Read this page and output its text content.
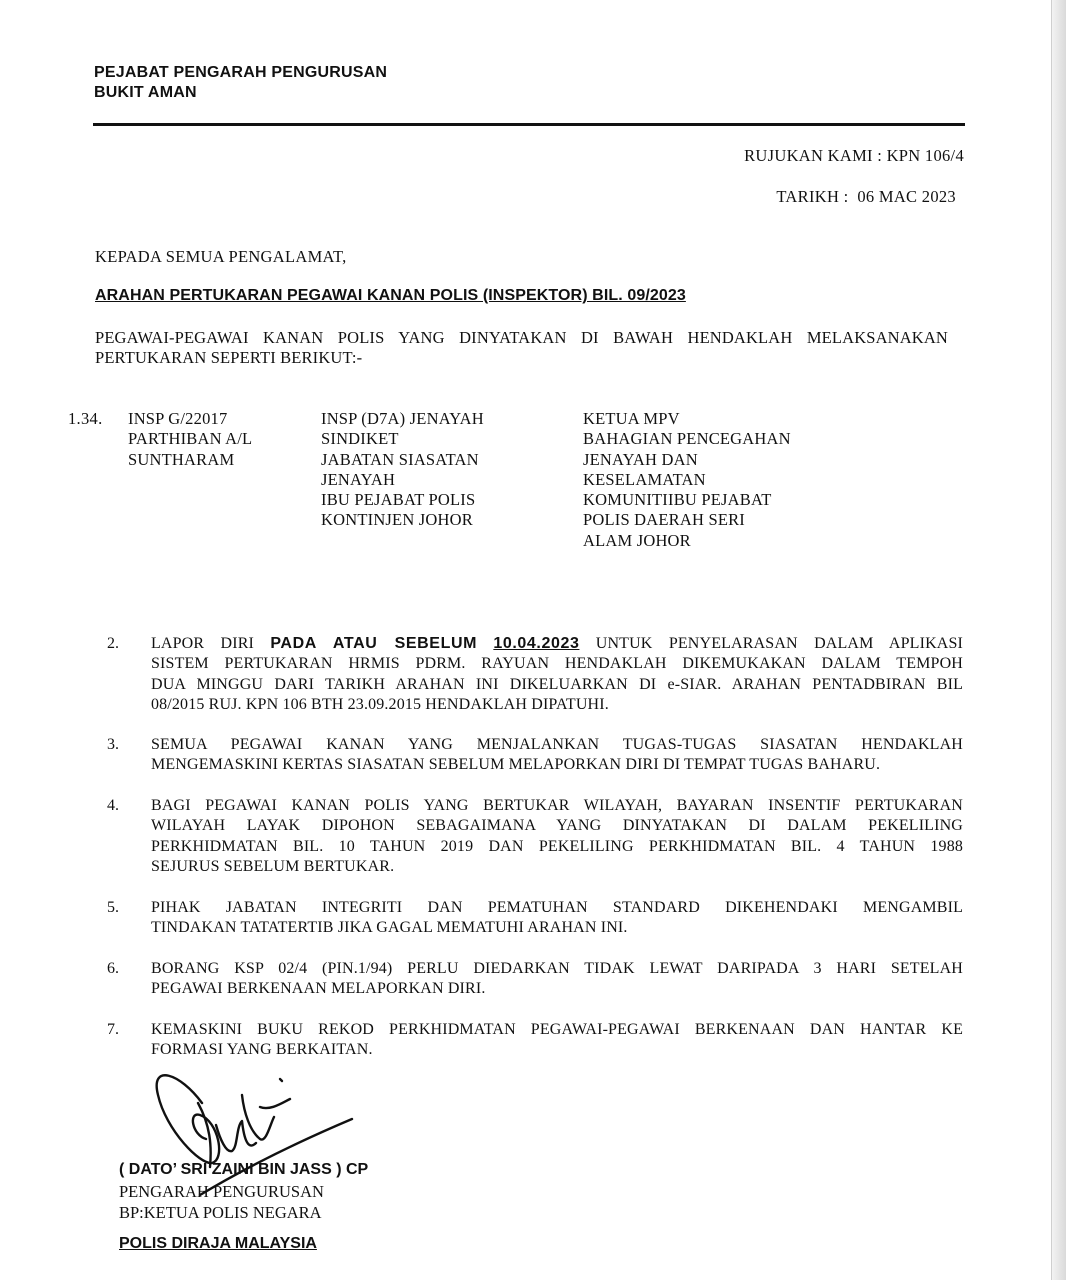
PEJABAT PENGARAH PENGURUSAN
BUKIT AMAN
RUJUKAN KAMI : KPN 106/4
TARIKH : 06 MAC 2023
KEPADA SEMUA PENGALAMAT,
ARAHAN PERTUKARAN PEGAWAI KANAN POLIS (INSPEKTOR) BIL. 09/2023
PEGAWAI-PEGAWAI KANAN POLIS YANG DINYATAKAN DI BAWAH HENDAKLAH MELAKSANAKAN
PERTUKARAN SEPERTI BERIKUT:-
1.34. INSP G/22017

PARTHIBAN A/L

SUNTHARAM

INSP (D7A) JENAYAH

SINDIKET

JABATAN SIASATAN

JENAYAH

IBU PEJABAT POLIS

KONTINJEN JOHOR

KETUA MPV

BAHAGIAN PENCEGAHAN

JENAYAH DAN

KESELAMATAN

KOMUNITIIBU PEJABAT

POLIS DAERAH SERI

ALAM JOHOR

2. LAPOR DIRI PADA ATAU SEBELUM 10.04.2023 UNTUK PENYELARASAN DALAM APLIKASI
SISTEM PERTUKARAN HRMIS PDRM. RAYUAN HENDAKLAH DIKEMUKAKAN DALAM TEMPOH
DUA MINGGU DARI TARIKH ARAHAN INI DIKELUARKAN DI e-SIAR. ARAHAN PENTADBIRAN BIL
08/2015 RUJ. KPN 106 BTH 23.09.2015 HENDAKLAH DIPATUHI.
3. SEMUA PEGAWAI KANAN YANG MENJALANKAN TUGAS-TUGAS SIASATAN HENDAKLAH
MENGEMASKINI KERTAS SIASATAN SEBELUM MELAPORKAN DIRI DI TEMPAT TUGAS BAHARU.
4. BAGI PEGAWAI KANAN POLIS YANG BERTUKAR WILAYAH, BAYARAN INSENTIF PERTUKARAN
WILAYAH LAYAK DIPOHON SEBAGAIMANA YANG DINYATAKAN DI DALAM PEKELILING
PERKHIDMATAN BIL. 10 TAHUN 2019 DAN PEKELILING PERKHIDMATAN BIL. 4 TAHUN 1988
SEJURUS SEBELUM BERTUKAR.
5. PIHAK JABATAN INTEGRITI DAN PEMATUHAN STANDARD DIKEHENDAKI MENGAMBIL
TINDAKAN TATATERTIB JIKA GAGAL MEMATUHI ARAHAN INI.
6. BORANG KSP 02/4 (PIN.1/94) PERLU DIEDARKAN TIDAK LEWAT DARIPADA 3 HARI SETELAH
PEGAWAI BERKENAAN MELAPORKAN DIRI.
7. KEMASKINI BUKU REKOD PERKHIDMATAN PEGAWAI-PEGAWAI BERKENAAN DAN HANTAR KE
FORMASI YANG BERKAITAN.
( DATO’ SRI ZAINI BIN JASS ) CP
PENGARAH PENGURUSAN
BP:KETUA POLIS NEGARA
POLIS DIRAJA MALAYSIA
